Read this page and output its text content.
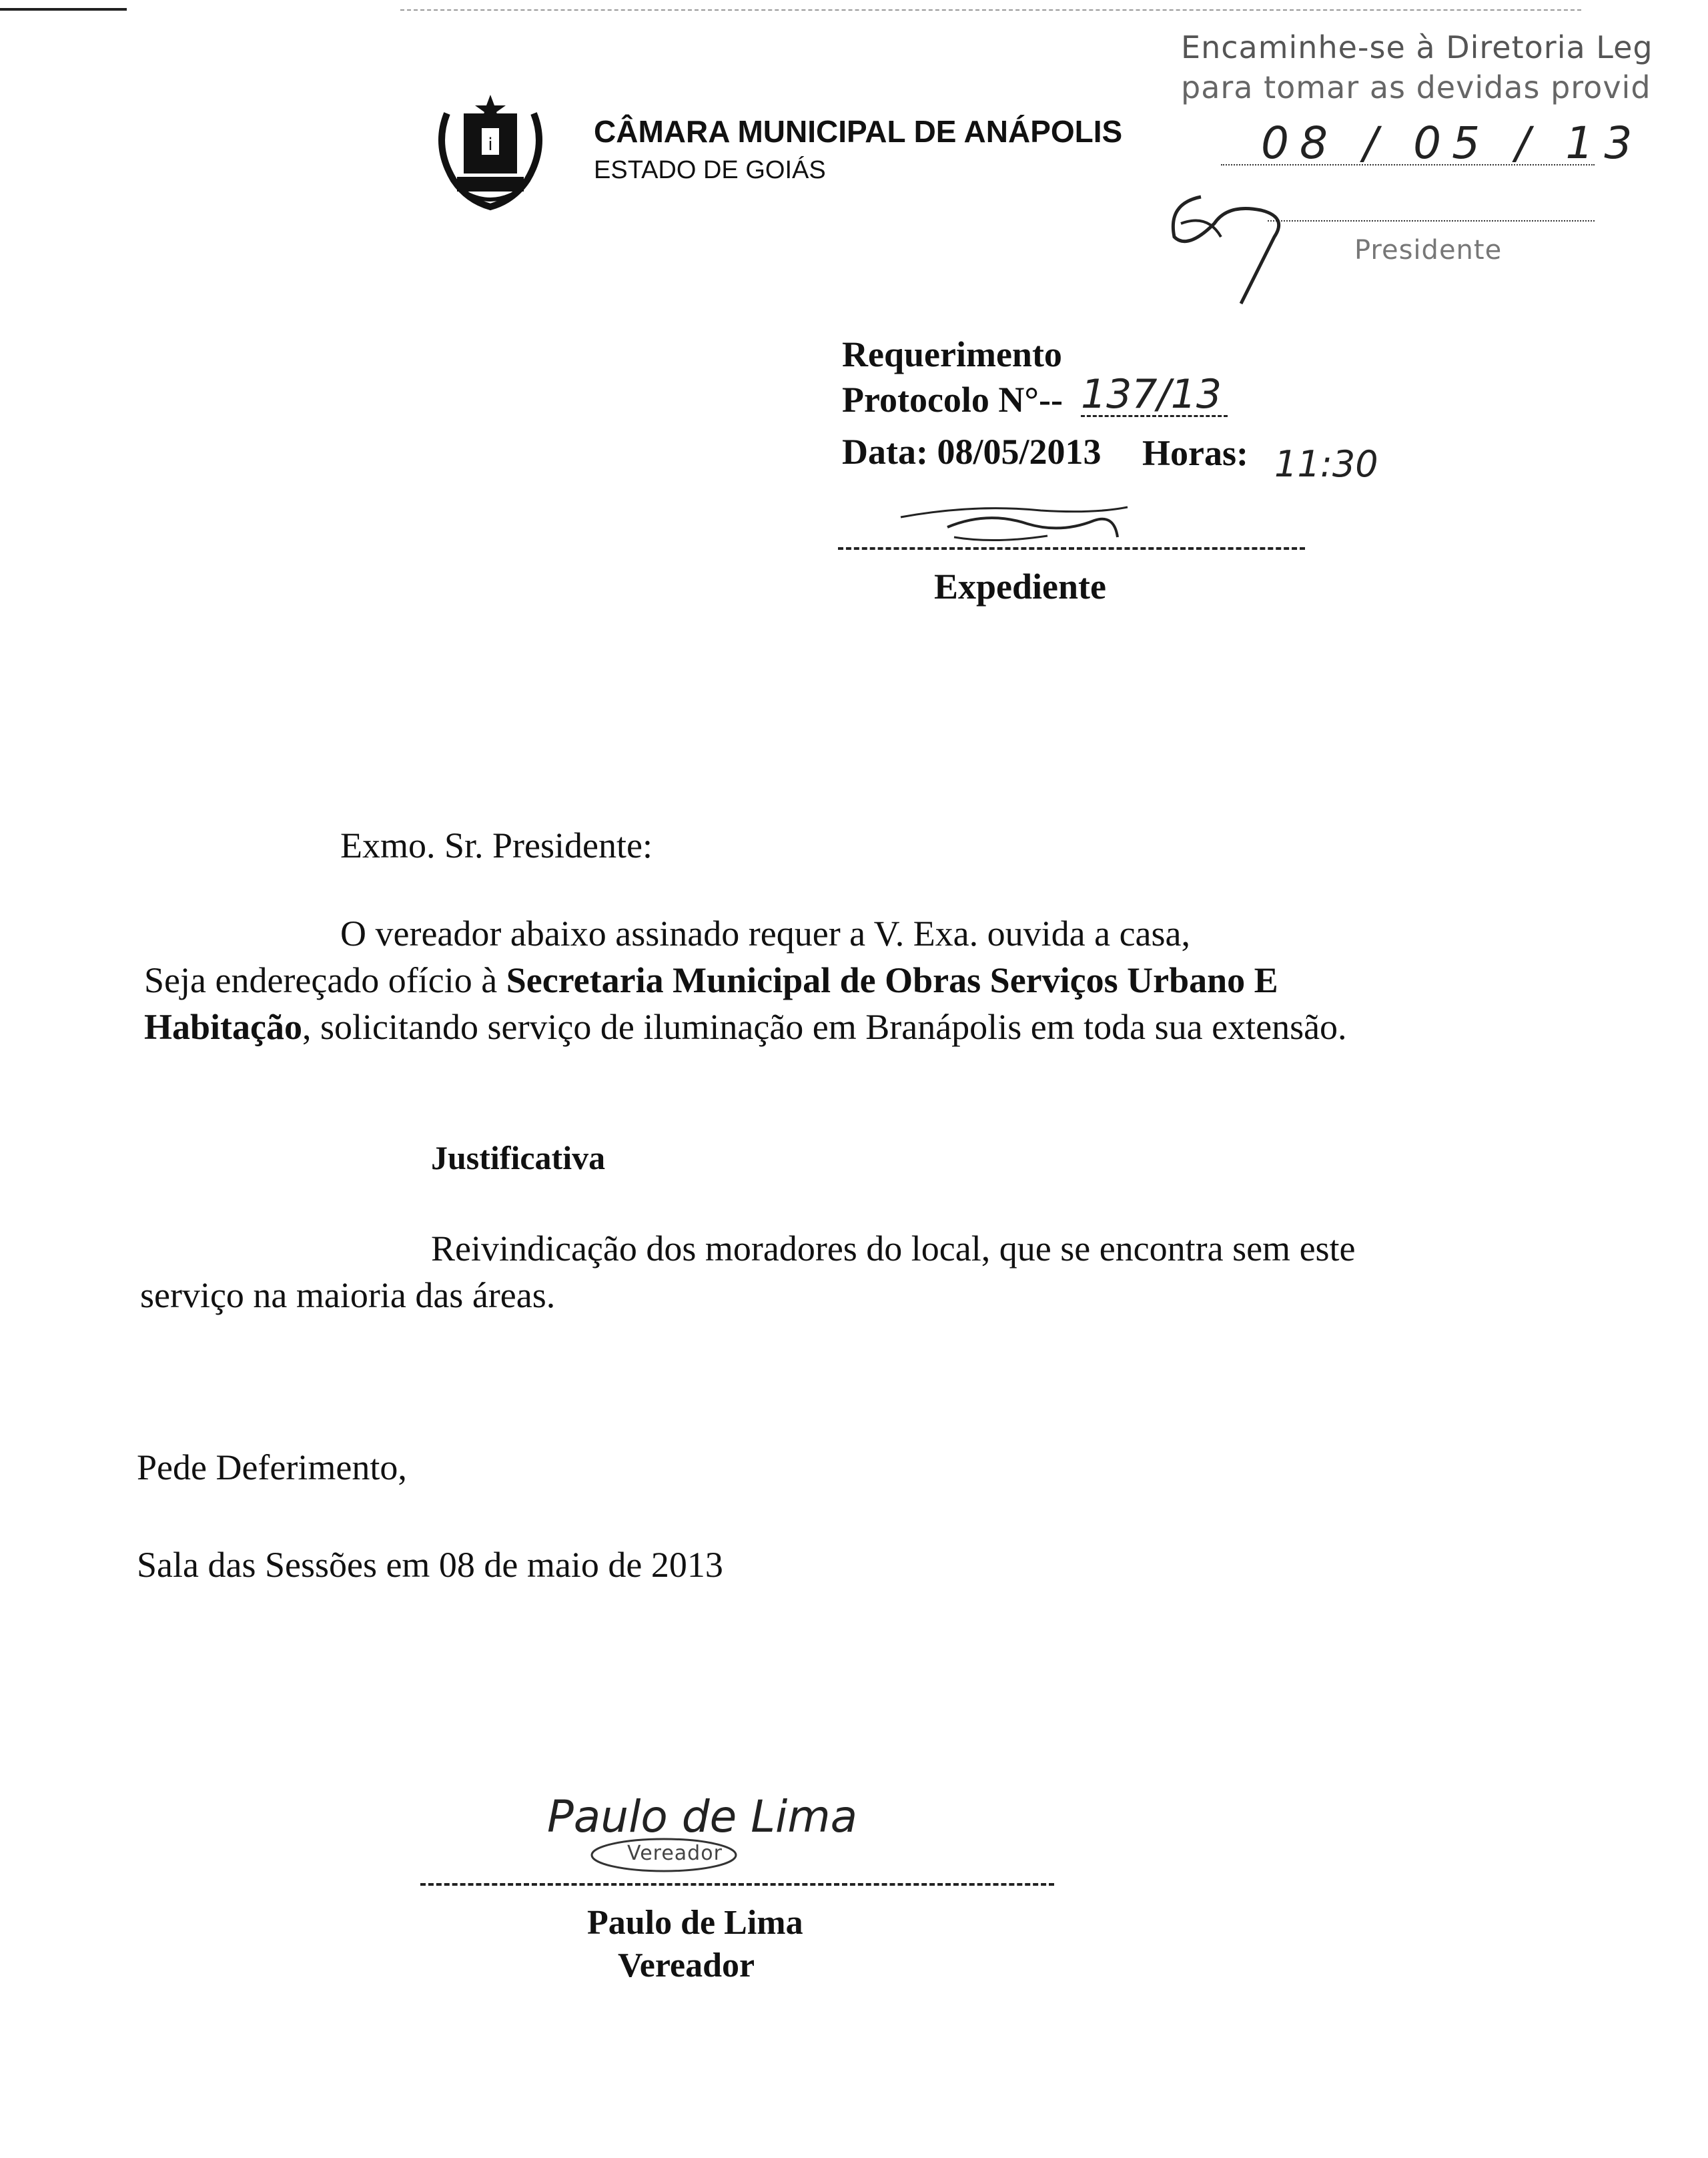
i	CÂMARA MUNICIPAL DE ANÁPOLIS
ESTADO DE GOIÁS
Encaminhe-se à Diretoria Leg
para tomar as devidas provid
08 / 05 / 13
Presidente
Requerimento
Protocolo N°-- 137/13
Data: 08/05/2013 Horas: 11:30
Expediente
Exmo. Sr. Presidente:
O vereador abaixo assinado requer a V. Exa. ouvida a casa,
Seja endereçado ofício à Secretaria Municipal de Obras Serviços Urbano E
Habitação, solicitando serviço de iluminação em Branápolis em toda sua extensão.
Justificativa
Reivindicação dos moradores do local, que se encontra sem este
serviço na maioria das áreas.
Pede Deferimento,
Sala das Sessões em 08 de maio de 2013
Paulo de Lima
Vereador
Paulo de Lima
Vereador
